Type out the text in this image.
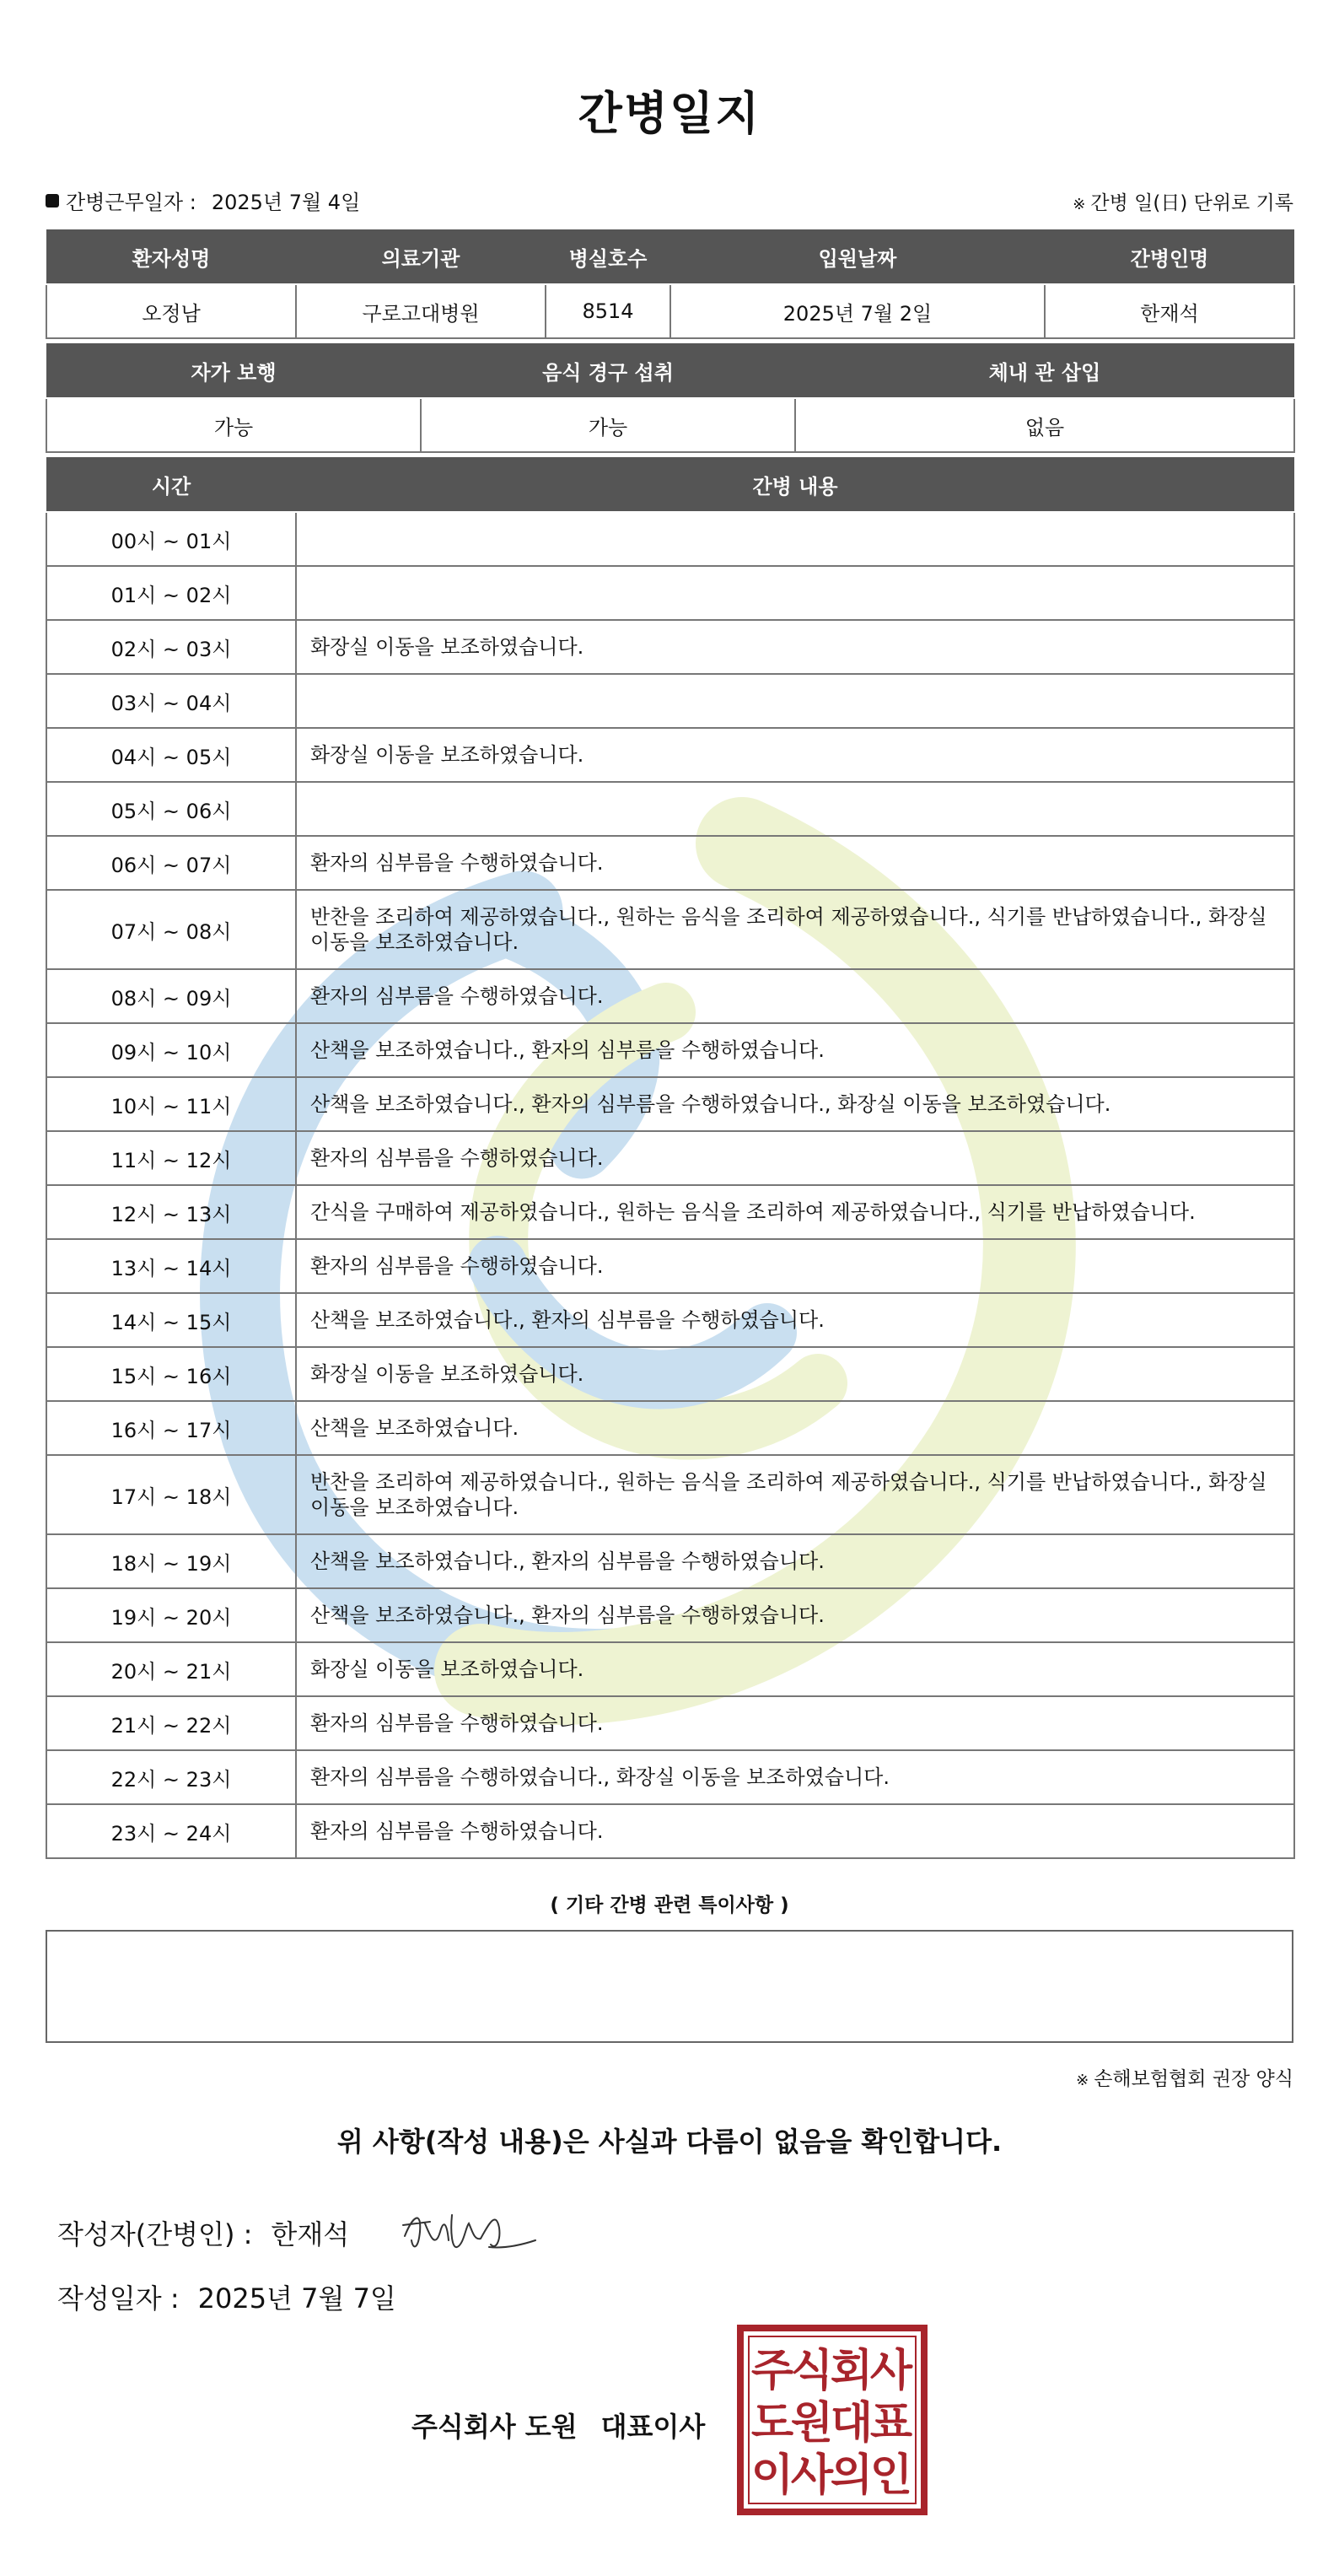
간병일지
간병근무일자 : 2025년 7월 4일	※ 간병 일(日) 단위로 기록
환자성명	의료기관	병실호수	입원날짜	간병인명
오정남	구로고대병원	8514	2025년 7월 2일	한재석
자가 보행	음식 경구 섭취	체내 관 삽입
가능	가능	없음
시간	간병 내용
00시 ~ 01시	
01시 ~ 02시	
02시 ~ 03시	화장실 이동을 보조하였습니다.
03시 ~ 04시	
04시 ~ 05시	화장실 이동을 보조하였습니다.
05시 ~ 06시	
06시 ~ 07시	환자의 심부름을 수행하였습니다.
07시 ~ 08시	반찬을 조리하여 제공하였습니다., 원하는 음식을 조리하여 제공하였습니다., 식기를 반납하였습니다., 화장실 이동을 보조하였습니다.
08시 ~ 09시	환자의 심부름을 수행하였습니다.
09시 ~ 10시	산책을 보조하였습니다., 환자의 심부름을 수행하였습니다.
10시 ~ 11시	산책을 보조하였습니다., 환자의 심부름을 수행하였습니다., 화장실 이동을 보조하였습니다.
11시 ~ 12시	환자의 심부름을 수행하였습니다.
12시 ~ 13시	간식을 구매하여 제공하였습니다., 원하는 음식을 조리하여 제공하였습니다., 식기를 반납하였습니다.
13시 ~ 14시	환자의 심부름을 수행하였습니다.
14시 ~ 15시	산책을 보조하였습니다., 환자의 심부름을 수행하였습니다.
15시 ~ 16시	화장실 이동을 보조하였습니다.
16시 ~ 17시	산책을 보조하였습니다.
17시 ~ 18시	반찬을 조리하여 제공하였습니다., 원하는 음식을 조리하여 제공하였습니다., 식기를 반납하였습니다., 화장실 이동을 보조하였습니다.
18시 ~ 19시	산책을 보조하였습니다., 환자의 심부름을 수행하였습니다.
19시 ~ 20시	산책을 보조하였습니다., 환자의 심부름을 수행하였습니다.
20시 ~ 21시	화장실 이동을 보조하였습니다.
21시 ~ 22시	환자의 심부름을 수행하였습니다.
22시 ~ 23시	환자의 심부름을 수행하였습니다., 화장실 이동을 보조하였습니다.
23시 ~ 24시	환자의 심부름을 수행하였습니다.
( 기타 간병 관련 특이사항 )
※ 손해보험협회 권장 양식
위 사항(작성 내용)은 사실과 다름이 없음을 확인합니다.
작성자(간병인) : 한재석
작성일자 : 2025년 7월 7일
주식회사 도원 대표이사
주
식
회
사
도
원
대
표
이
사
의
인
